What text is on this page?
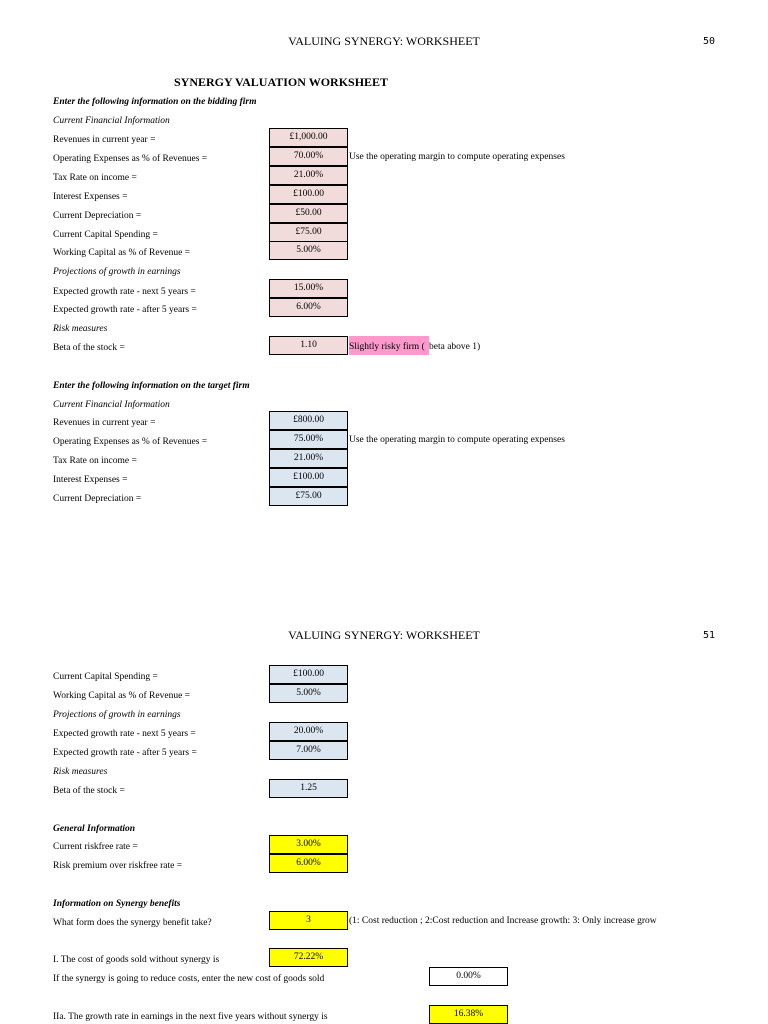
VALUING SYNERGY: WORKSHEET	50
SYNERGY VALUATION WORKSHEET
Enter the following information on the bidding firm
Current Financial Information
Revenues in current year =	£1,000.00
Operating Expenses as % of Revenues =	70.00%	Use the operating margin to compute operating expenses
Tax Rate on income =	21.00%
Interest Expenses =	£100.00
Current Depreciation =	£50.00
Current Capital Spending =	£75.00
Working Capital as % of Revenue =	5.00%
Projections of growth in earnings
Expected growth rate - next 5 years =	15.00%
Expected growth rate - after 5 years =	6.00%
Risk measures
Beta of the stock =	1.10	Slightly risky firm ( beta above 1)
Enter the following information on the target firm
Current Financial Information
Revenues in current year =	£800.00
Operating Expenses as % of Revenues =	75.00%	Use the operating margin to compute operating expenses
Tax Rate on income =	21.00%
Interest Expenses =	£100.00
Current Depreciation =	£75.00
VALUING SYNERGY: WORKSHEET	51
Current Capital Spending =	£100.00
Working Capital as % of Revenue =	5.00%
Projections of growth in earnings
Expected growth rate - next 5 years =	20.00%
Expected growth rate - after 5 years =	7.00%
Risk measures
Beta of the stock =	1.25
General Information
Current riskfree rate =	3.00%
Risk premium over riskfree rate =	6.00%
Information on Synergy benefits
What form does the synergy benefit take?	3	(1: Cost reduction ; 2:Cost reduction and Increase growth: 3: Only increase grow
I. The cost of goods sold without synergy is	72.22%
If the synergy is going to reduce costs, enter the new cost of goods sold	0.00%
IIa. The growth rate in earnings in the next five years without synergy is	16.38%
